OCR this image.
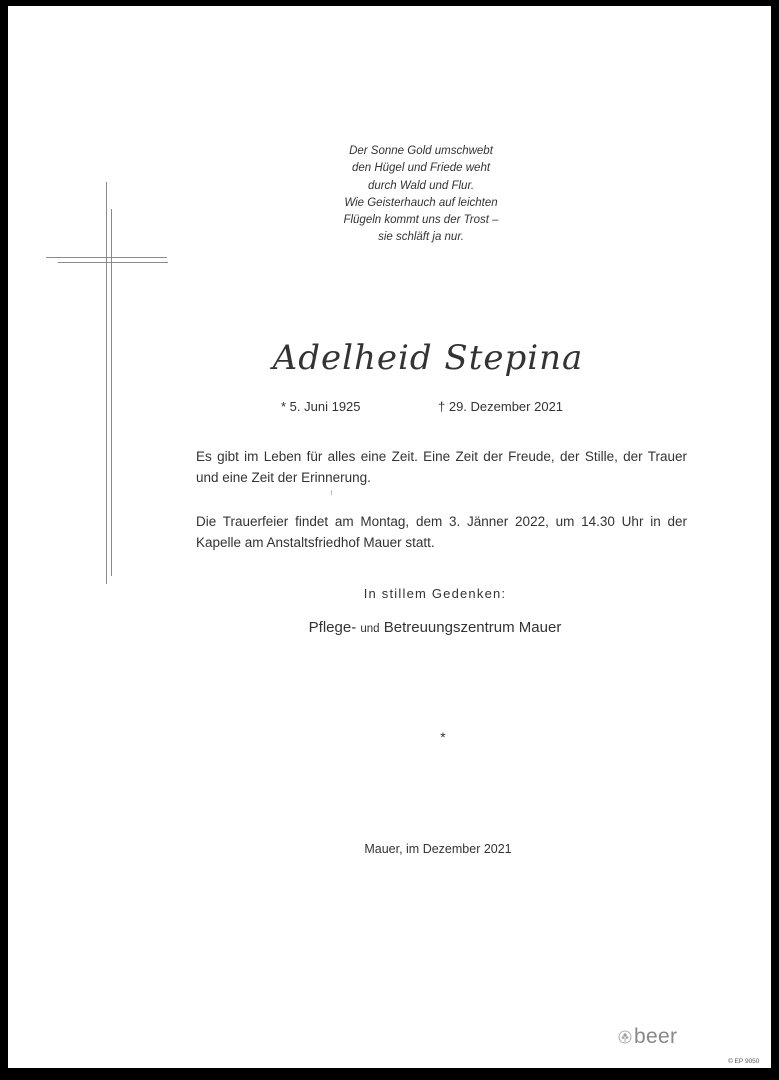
Der Sonne Gold umschwebt
den Hügel und Friede weht
durch Wald und Flur.
Wie Geisterhauch auf leichten
Flügeln kommt uns der Trost –
sie schläft ja nur.
Adelheid Stepina
* 5. Juni 1925	† 29. Dezember 2021
Es gibt im Leben für alles eine Zeit. Eine Zeit der Freude, der Stille, der Trauer und eine Zeit der Erinnerung.
Die Trauerfeier findet am Montag, dem 3. Jänner 2022, um 14.30 Uhr in der Kapelle am Anstaltsfriedhof Mauer statt.
In stillem Gedenken:
Pflege- und Betreuungszentrum Mauer
*
Mauer, im Dezember 2021
beer
© EP 9050
